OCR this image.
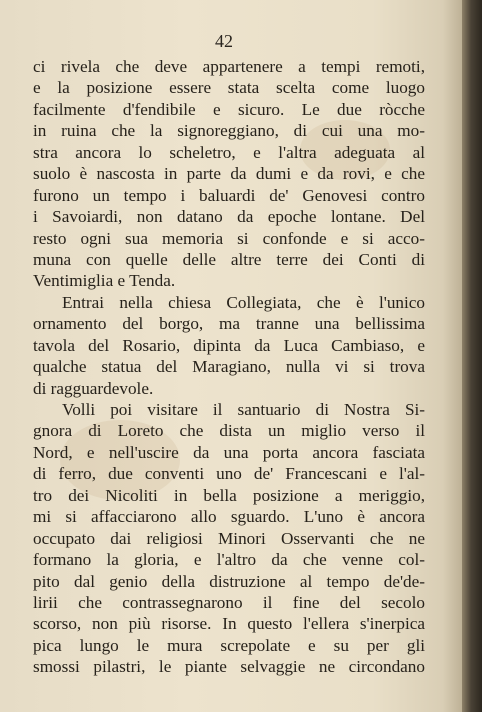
42
ci rivela che deve appartenere a tempi remoti,
e la posizione essere stata scelta come luogo
facilmente d'fendibile e sicuro. Le due ròcche
in ruina che la signoreggiano, di cui una mo-
stra ancora lo scheletro, e l'altra adeguata al
suolo è nascosta in parte da dumi e da rovi, e che
furono un tempo i baluardi de' Genovesi contro
i Savoiardi, non datano da epoche lontane. Del
resto ogni sua memoria si confonde e si acco-
muna con quelle delle altre terre dei Conti di
Ventimiglia e Tenda.
Entrai nella chiesa Collegiata, che è l'unico
ornamento del borgo, ma tranne una bellissima
tavola del Rosario, dipinta da Luca Cambiaso, e
qualche statua del Maragiano, nulla vi si trova
di ragguardevole.
Volli poi visitare il santuario di Nostra Si-
gnora di Loreto che dista un miglio verso il
Nord, e nell'uscire da una porta ancora fasciata
di ferro, due conventi uno de' Francescani e l'al-
tro dei Nicoliti in bella posizione a meriggio,
mi si affacciarono allo sguardo. L'uno è ancora
occupato dai religiosi Minori Osservanti che ne
formano la gloria, e l'altro da che venne col-
pito dal genio della distruzione al tempo de'de-
lirii che contrassegnarono il fine del secolo
scorso, non più risorse. In questo l'ellera s'inerpica
pica lungo le mura screpolate e su per gli
smossi pilastri, le piante selvaggie ne circondano
